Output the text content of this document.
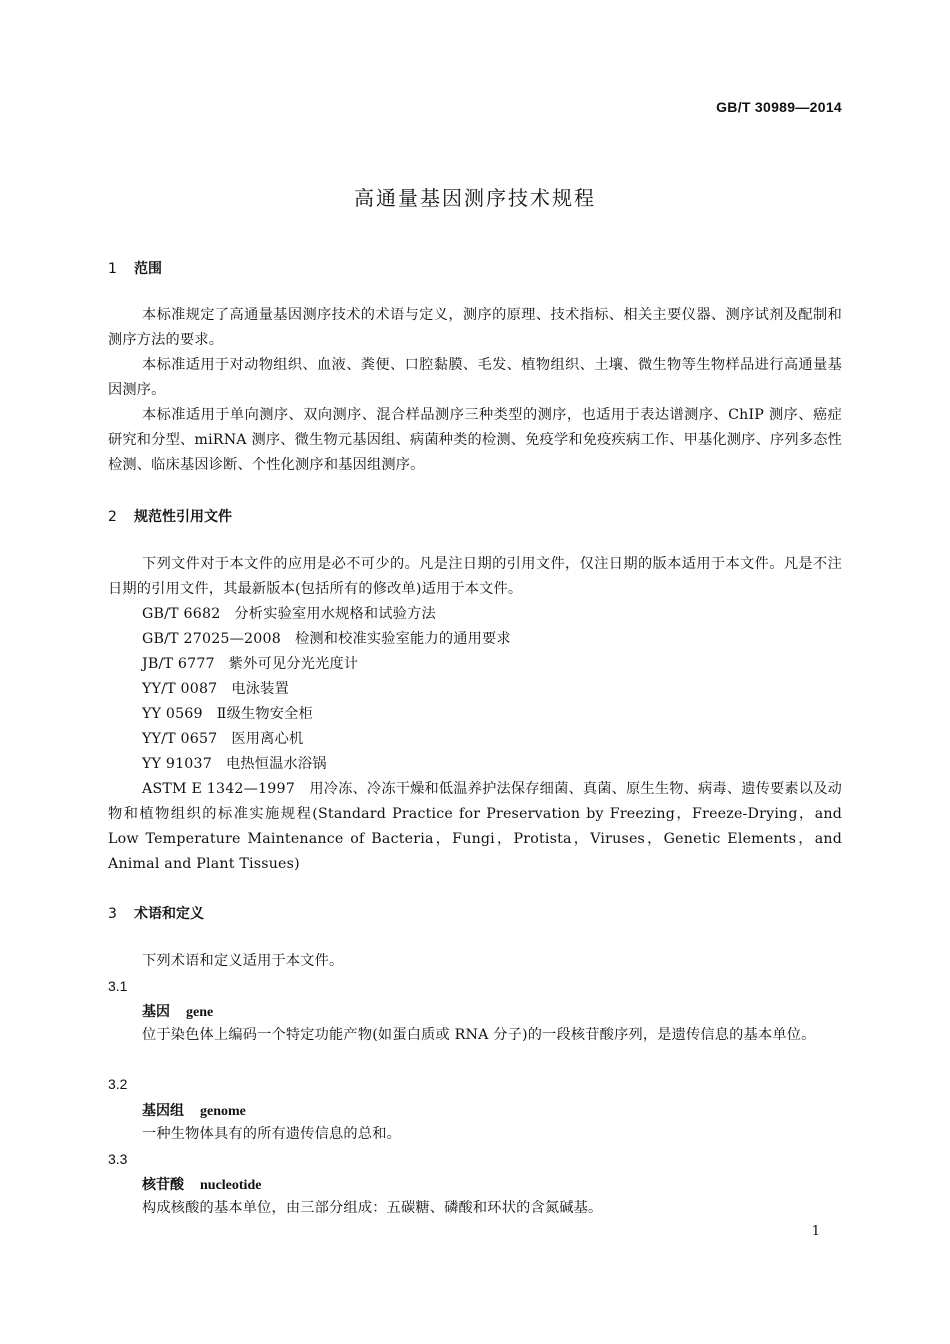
GB/T 30989—2014
高通量基因测序技术规程
1 范围
本标准规定了高通量基因测序技术的术语与定义，测序的原理、技术指标、相关主要仪器、测序试剂及配制和测序方法的要求。
本标准适用于对动物组织、血液、粪便、口腔黏膜、毛发、植物组织、土壤、微生物等生物样品进行高通量基因测序。
本标准适用于单向测序、双向测序、混合样品测序三种类型的测序，也适用于表达谱测序、ChIP 测序、癌症研究和分型、miRNA 测序、微生物元基因组、病菌种类的检测、免疫学和免疫疾病工作、甲基化测序、序列多态性检测、临床基因诊断、个性化测序和基因组测序。
2 规范性引用文件
下列文件对于本文件的应用是必不可少的。凡是注日期的引用文件，仅注日期的版本适用于本文件。凡是不注日期的引用文件，其最新版本(包括所有的修改单)适用于本文件。
GB/T 6682 分析实验室用水规格和试验方法
GB/T 27025—2008 检测和校准实验室能力的通用要求
JB/T 6777 紫外可见分光光度计
YY/T 0087 电泳装置
YY 0569 Ⅱ级生物安全柜
YY/T 0657 医用离心机
YY 91037 电热恒温水浴锅
ASTM E 1342—1997　用冷冻、冷冻干燥和低温养护法保存细菌、真菌、原生生物、病毒、遗传要素以及动物和植物组织的标准实施规程(Standard Practice for Preservation by Freezing，Freeze-Drying，and Low Temperature Maintenance of Bacteria，Fungi，Protista，Viruses，Genetic Elements，and Animal and Plant Tissues)
3 术语和定义
下列术语和定义适用于本文件。
3.1
基因 gene
位于染色体上编码一个特定功能产物(如蛋白质或 RNA 分子)的一段核苷酸序列，是遗传信息的基本单位。
3.2
基因组 genome
一种生物体具有的所有遗传信息的总和。
3.3
核苷酸 nucleotide
构成核酸的基本单位，由三部分组成：五碳糖、磷酸和环状的含氮碱基。
1
